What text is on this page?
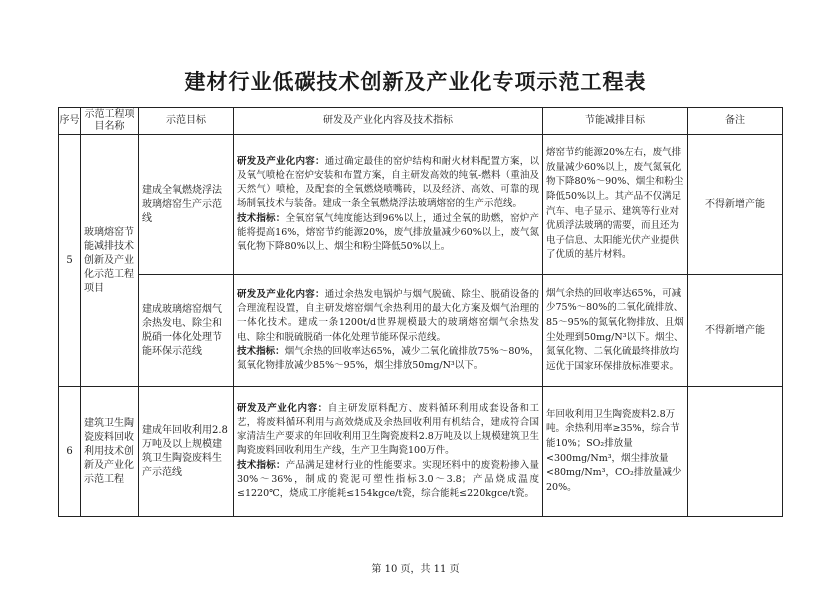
建材行业低碳技术创新及产业化专项示范工程表
序号	示范工程项目名称	示范目标	研发及产业化内容及技术指标	节能减排目标	备注
5	玻璃熔窑节能减排技术创新及产业化示范工程项目	建成全氧燃烧浮法玻璃熔窑生产示范线	研发及产业化内容：通过确定最佳的窑炉结构和耐火材料配置方案，以及氧气喷枪在窑炉安装和布置方案，自主研发高效的纯氧-燃料（重油及天然气）喷枪，及配套的全氧燃烧喷嘴砖，以及经济、高效、可靠的现场制氧技术与装备。建成一条全氧燃烧浮法玻璃熔窑的生产示范线。
技术指标：全氧窑氧气纯度能达到96%以上，通过全氧的助燃，窑炉产能将提高16%，熔窑节约能源20%，废气排放量减少60%以上，废气氮氧化物下降80%以上、烟尘和粉尘降低50%以上。	熔窑节约能源20%左右，废气排放量减少60%以上，废气氮氧化物下降80%～90%、烟尘和粉尘降低50%以上。其产品不仅满足汽车、电子显示、建筑等行业对优质浮法玻璃的需要，而且还为电子信息、太阳能光伏产业提供了优质的基片材料。	不得新增产能
		建成玻璃熔窑烟气余热发电、除尘和脱硝一体化处理节能环保示范线	研发及产业化内容：通过余热发电锅炉与烟气脱硫、除尘、脱硝设备的合理流程设置，自主研发熔窑烟气余热利用的最大化方案及烟气治理的一体化技术。建成一条1200t/d世界规模最大的玻璃熔窑烟气余热发电、除尘和脱硫脱硝一体化处理节能环保示范线。
技术指标：烟气余热的回收率达65%，减少二氧化硫排放75%～80%，氮氧化物排放减少85%～95%，烟尘排放50mg/N³以下。	烟气余热的回收率达65%，可减少75%～80%的二氧化硫排放、85～95%的氮氧化物排放、且烟尘处理到50mg/N³以下。烟尘、氮氧化物、二氧化硫最终排放均远优于国家环保排放标准要求。	不得新增产能
6	建筑卫生陶瓷废料回收利用技术创新及产业化示范工程	建成年回收利用2.8万吨及以上规模建筑卫生陶瓷废料生产示范线	研发及产业化内容：自主研发原料配方、废料循环利用成套设备和工艺，将废料循环利用与高效烧成及余热回收利用有机结合，建成符合国家清洁生产要求的年回收利用卫生陶瓷废料2.8万吨及以上规模建筑卫生陶瓷废料回收利用生产线，生产卫生陶瓷100万件。
技术指标：产品满足建材行业的性能要求。实现坯料中的废瓷粉掺入量30%～36%，制成的瓷泥可塑性指标3.0～3.8；产品烧成温度≤1220℃，烧成工序能耗≤154kgce/t瓷，综合能耗≤220kgce/t瓷。	年回收利用卫生陶瓷废料2.8万吨。余热利用率≥35%，综合节能10%；SO₂排放量<300mg/Nm³，烟尘排放量<80mg/Nm³，CO₂排放量减少20%。	
第 10 页，共 11 页
